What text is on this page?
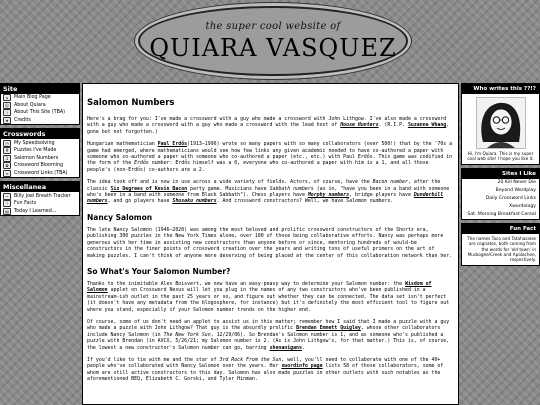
the super cool website of
QUIARA VASQUEZ
Site
⌂	Main Blog Page
☺	About Quiara
i	About This Site (TBA)
★	Credits
Crosswords
◷	My Speedsolving
#	Puzzles I've Made
1	Salomon Numbers
✿	Crossword Blooming
∞	Crossword Links (TBA)
Miscellanea
~	Billy Joel Breath Tracker
!	Fun Facts
▤	Today I Learned...
Salomon Numbers

Here's a brag for you: I've made a crossword with a guy who made a crossword with John Lithgow. I've also made a crossword with a guy who made a crossword with a guy who made a crossword with the lead host of House Hunters. (R.I.P. Suzanne Whang, gone but not forgotten.)

Hungarian mathematician Paul Erdős(1913–1996) wrote so many papers with so many collaborators (over 500!) that by the '70s a game had emerged, where mathematicians would see how few links any given academic needed to have co-authored a paper with someone who co-authored a paper with someone who co-authored a paper (etc., etc.) with Paul Erdős. This game was codified in the form of the Erdős number: Erdős himself was a 0, everyone who co-authored a paper with him is a 1, and all those people's (non-Erdős) co-authors are a 2.

The idea took off and is now in use across a wide variety of fields. Actors, of course, have the Bacon number, after the classic Six Degrees of Kevin Bacon party game. Musicians have Sabbath numbers (as in, "have you been in a band with someone who's been in a band with someone from Black Sabbath"). Chess players have Morphy numbers, bridge players have Dunderbill numbers, and go players have Shusaku numbers. And crossword constructors? Well, we have Salomon numbers.

Nancy Salomon

The late Nancy Salomon (1946–2020) was among the most beloved and prolific crossword constructors of the Shortz era, publishing 300 puzzles in the New York Times alone, over 100 of those being collaborative efforts. Nancy was perhaps more generous with her time in assisting new constructors than anyone before or since, mentoring hundreds of would-be constructors in the finer points of crossword creation over the years and writing tons of useful primers on the art of making puzzles. I can't think of anyone more deserving of being placed at the center of this collaboration network than her.

So What's Your Salomon Number?

Thanks to the inimitable Alex Boisvert, we now have an easy-peasy way to determine your Salomon number: the Wisdom of Salomon applet on Crossword Nexus will let you plug in the names of any two constructors who've been published in a mainstream-ish outlet in the past 25 years or so, and figure out whether they can be connected. The data set isn't perfect (it doesn't have any metadata from the blogosphere, for instance) but it's definitely the most efficient tool to figure out where you stand, especially if your Salomon number trends on the higher end.

Of course, some of us don't need an applet to assist us in this matter; remember how I said that I made a puzzle with a guy who made a puzzle with John Lithgow? That guy is the absurdly prolific Brendan Emmett Quigley, whose other collaborators include Nancy Salomon (in The New York Sun, 12/29/06). So Brendan's Salomon number is 1, and as someone who's published a puzzle with Brendan (in AVCX, 5/26/21; my Salomon number is 2. (As is John Lithgow's, for that matter.) This is, of course, the lowest a new constructor's Salomon number can go, barring shenanigans.

If you'd like to tie with me and the star of 3rd Rock From the Sun, well, you'll need to collaborate with one of the 40+ people who've collaborated with Nancy Salomon over the years. Her xwordinfo page lists 58 of those collaborators, some of whom are still active constructors to this day. Salomon has also made puzzles in other outlets with such notables as the aforementioned BEQ, Elizabeth C. Gorski, and Tyler Hinman.

Who writes this ??!?
Hi, I'm Quiara. This is my super cool web site! I hope you like it.
Sites I Like
20 Kill Never Die
Beyond Wordplay
Daily Crossword Links
Xwordology
Sat. Morning Breakfast Cereal
Fun Fact
The names Taco and Tatahasiese are cognates, both coming from the words for 'old town' in Muskogee/Creek and Apalachee, respectively.
